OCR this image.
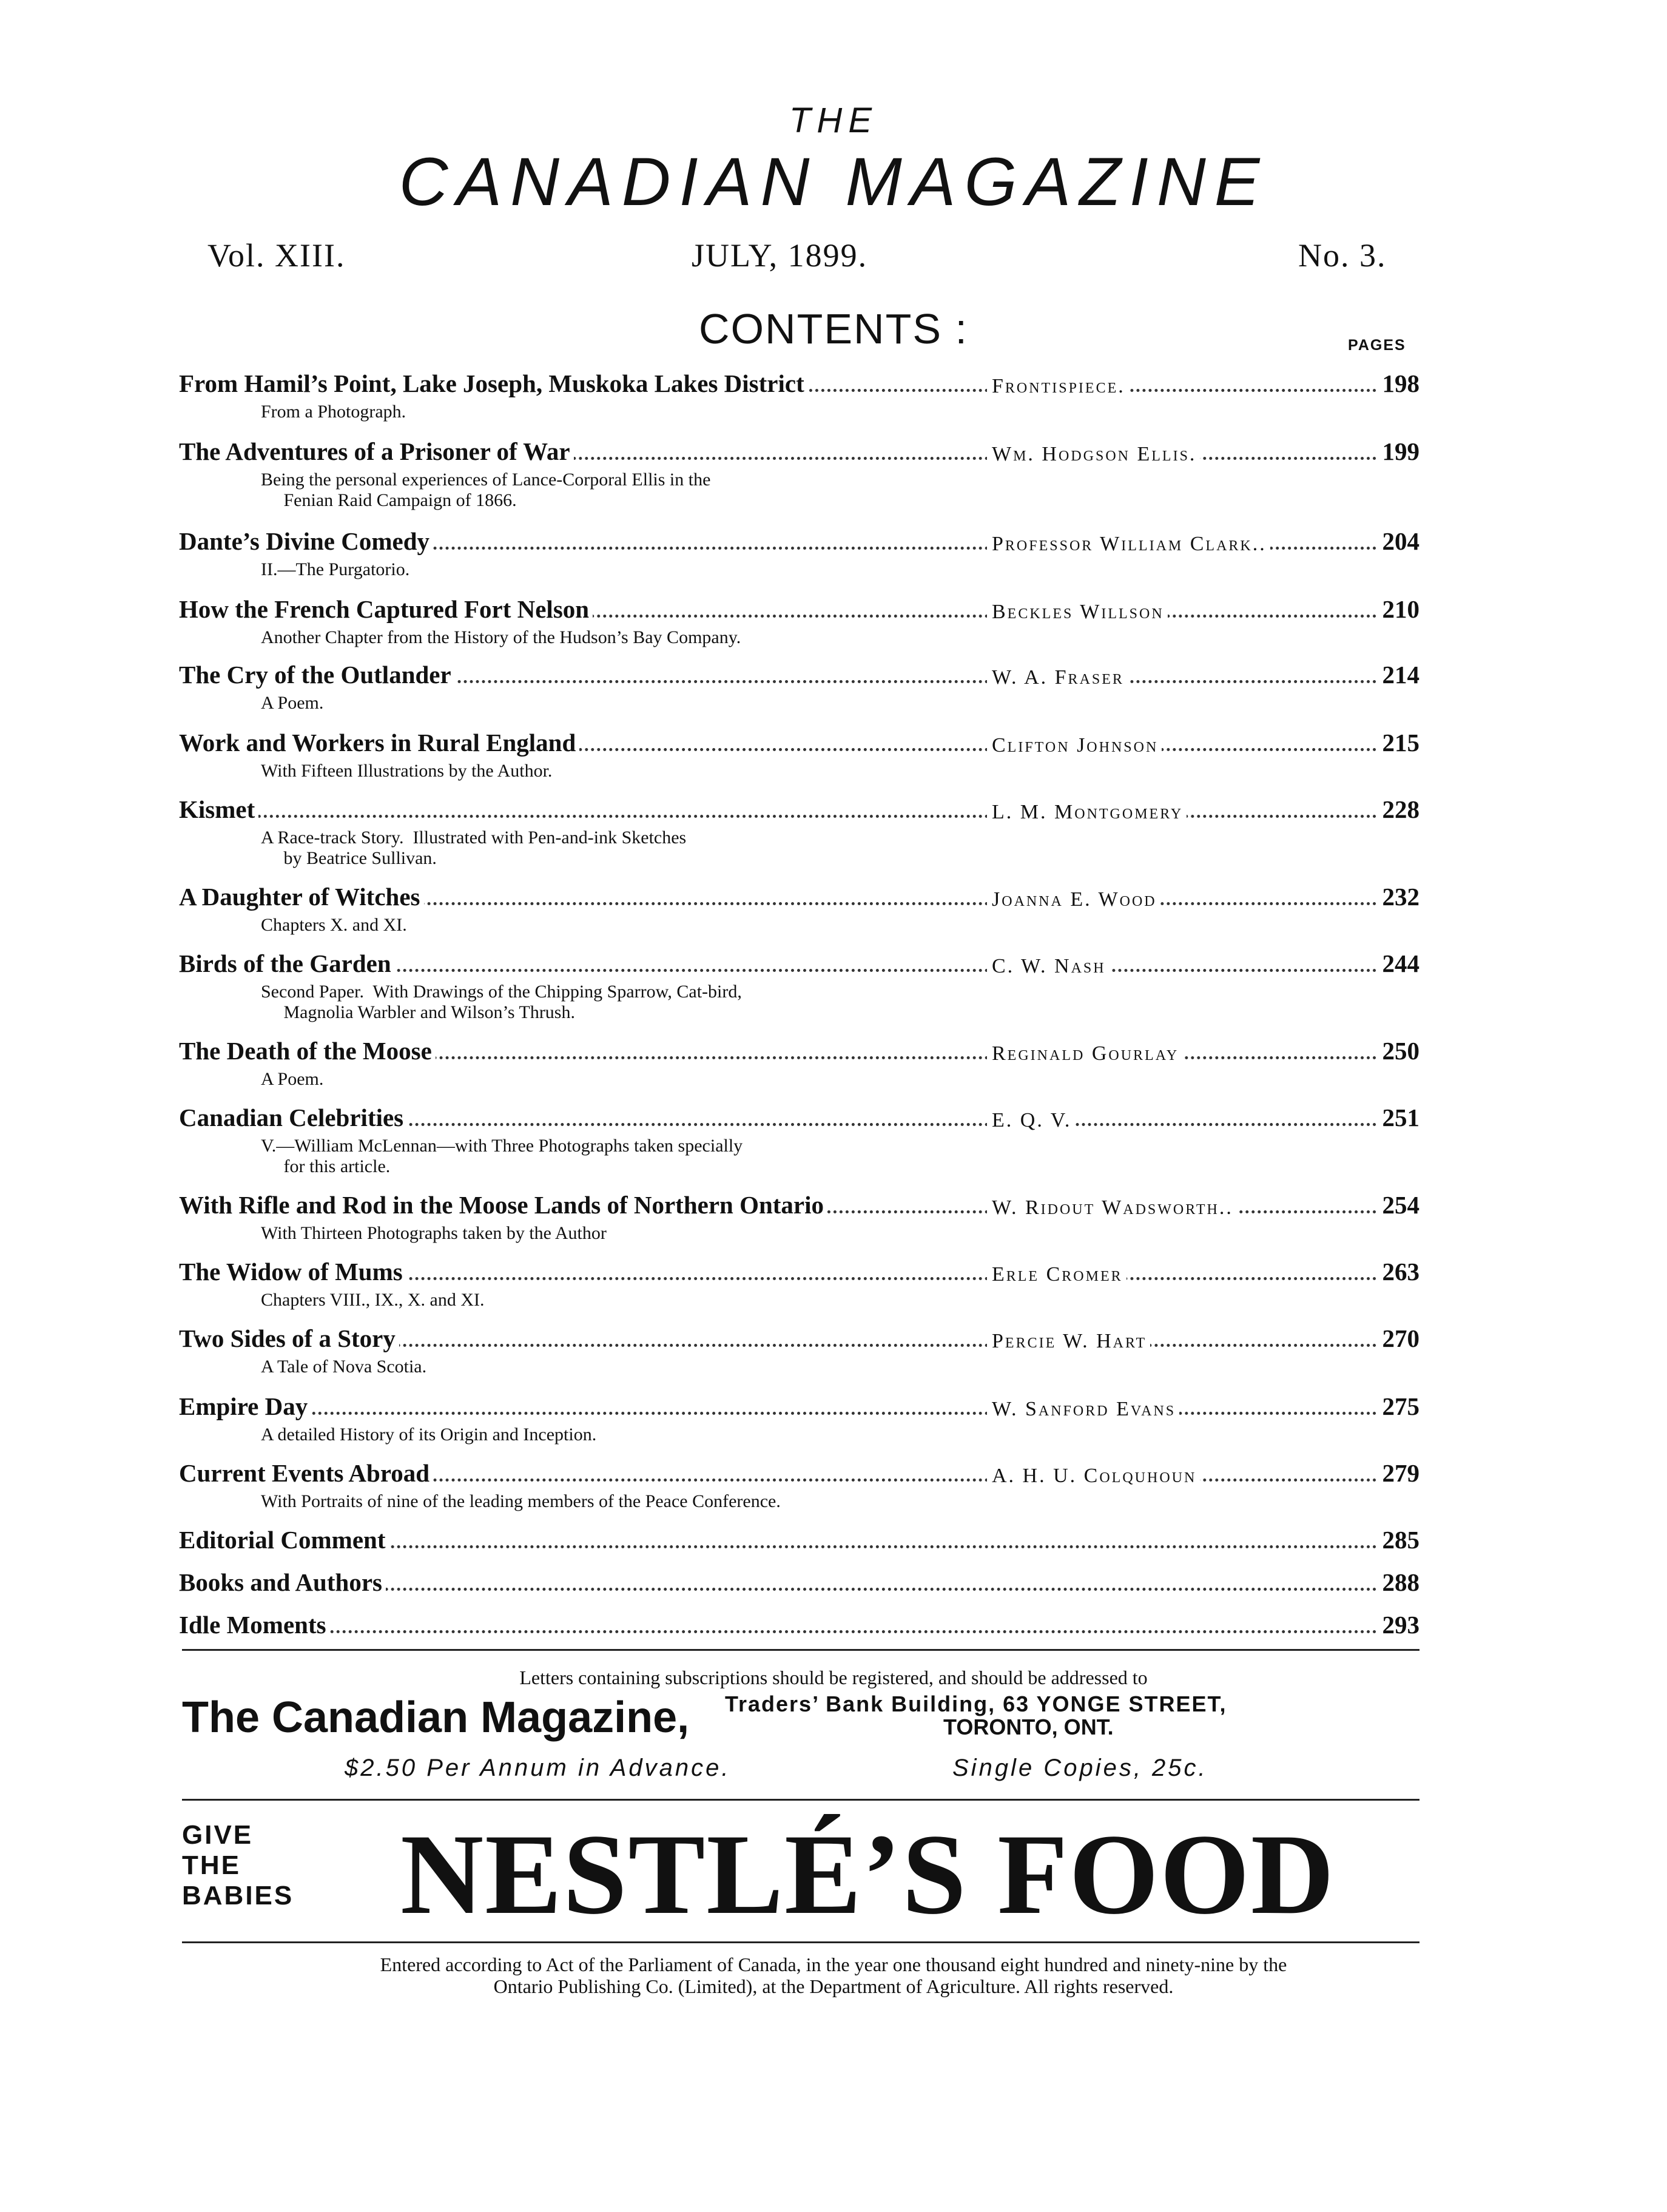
THE
CANADIAN MAGAZINE
Vol. XIII.	JULY, 1899.	No. 3.
CONTENTS :	PAGES
From Hamil’s Point, Lake Joseph, Muskoka Lakes District	Frontispiece.	198
From a Photograph.
The Adventures of a Prisoner of War	Wm. Hodgson Ellis.	199
Being the personal experiences of Lance-Corporal Ellis in the
Fenian Raid Campaign of 1866.
Dante’s Divine Comedy	Professor William Clark..	204
II.—The Purgatorio.
How the French Captured Fort Nelson	Beckles Willson	210
Another Chapter from the History of the Hudson’s Bay Company.
The Cry of the Outlander	W. A. Fraser	214
A Poem.
Work and Workers in Rural England	Clifton Johnson	215
With Fifteen Illustrations by the Author.
Kismet	L. M. Montgomery	228
A Race-track Story.  Illustrated with Pen-and-ink Sketches
by Beatrice Sullivan.
A Daughter of Witches	Joanna E. Wood	232
Chapters X. and XI.
Birds of the Garden	C. W. Nash	244
Second Paper.  With Drawings of the Chipping Sparrow, Cat-bird,
Magnolia Warbler and Wilson’s Thrush.
The Death of the Moose	Reginald Gourlay	250
A Poem.
Canadian Celebrities	E. Q. V.	251
V.—William McLennan—with Three Photographs taken specially
for this article.
With Rifle and Rod in the Moose Lands of Northern Ontario	W. Ridout Wadsworth..	254
With Thirteen Photographs taken by the Author
The Widow of Mums	Erle Cromer	263
Chapters VIII., IX., X. and XI.
Two Sides of a Story	Percie W. Hart	270
A Tale of Nova Scotia.
Empire Day	W. Sanford Evans	275
A detailed History of its Origin and Inception.
Current Events Abroad	A. H. U. Colquhoun	279
With Portraits of nine of the leading members of the Peace Conference.
Editorial Comment	285
Books and Authors	288
Idle Moments	293
Letters containing subscriptions should be registered, and should be addressed to
The Canadian Magazine, Traders’ Bank Building, 63 YONGE STREET,
TORONTO, ONT.
$2.50 Per Annum in Advance.	Single Copies, 25c.
GIVE
THE
BABIES NESTLÉ’S FOOD
Entered according to Act of the Parliament of Canada, in the year one thousand eight hundred and ninety-nine by the
Ontario Publishing Co. (Limited), at the Department of Agriculture. All rights reserved.
